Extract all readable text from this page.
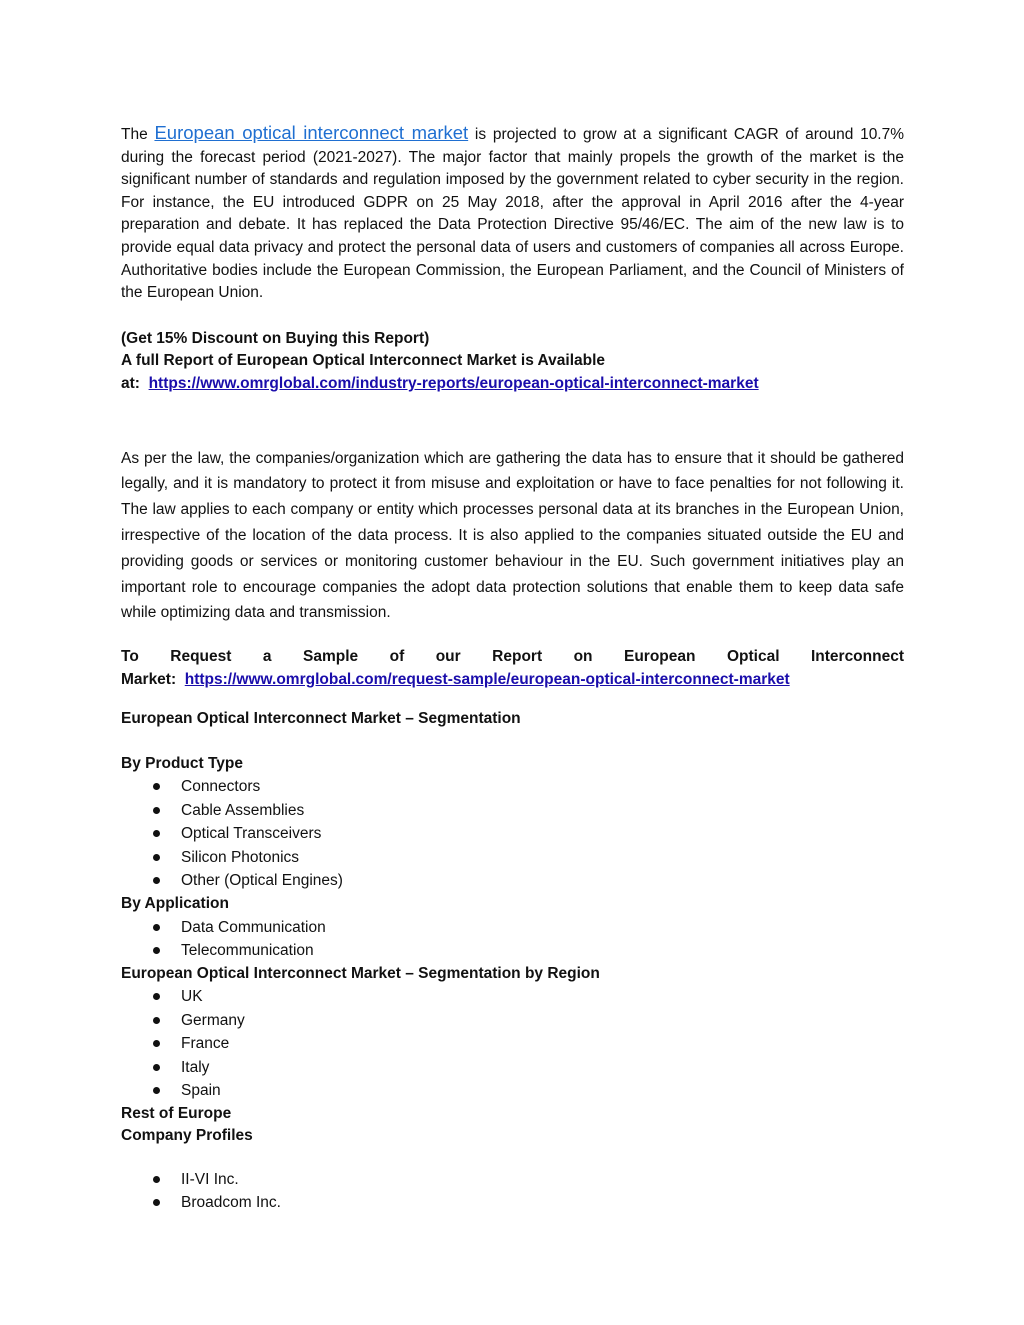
The European optical interconnect market is projected to grow at a significant CAGR of around 10.7% during the forecast period (2021-2027). The major factor that mainly propels the growth of the market is the significant number of standards and regulation imposed by the government related to cyber security in the region. For instance, the EU introduced GDPR on 25 May 2018, after the approval in April 2016 after the 4-year preparation and debate. It has replaced the Data Protection Directive 95/46/EC. The aim of the new law is to provide equal data privacy and protect the personal data of users and customers of companies all across Europe. Authoritative bodies include the European Commission, the European Parliament, and the Council of Ministers of the European Union.

(Get 15% Discount on Buying this Report)

A full Report of European Optical Interconnect Market is Available

at: https://www.omrglobal.com/industry-reports/european-optical-interconnect-market

As per the law, the companies/organization which are gathering the data has to ensure that it should be gathered legally, and it is mandatory to protect it from misuse and exploitation or have to face penalties for not following it. The law applies to each company or entity which processes personal data at its branches in the European Union, irrespective of the location of the data process. It is also applied to the companies situated outside the EU and providing goods or services or monitoring customer behaviour in the EU. Such government initiatives play an important role to encourage companies the adopt data protection solutions that enable them to keep data safe while optimizing data and transmission.

To Request a Sample of our Report on European Optical Interconnect

Market: https://www.omrglobal.com/request-sample/european-optical-interconnect-market

European Optical Interconnect Market – Segmentation

By Product Type

Connectors
Cable Assemblies
Optical Transceivers
Silicon Photonics
Other (Optical Engines)

By Application

Data Communication
Telecommunication

European Optical Interconnect Market – Segmentation by Region

UK
Germany
France
Italy
Spain

Rest of Europe

Company Profiles

II-VI Inc.
Broadcom Inc.
